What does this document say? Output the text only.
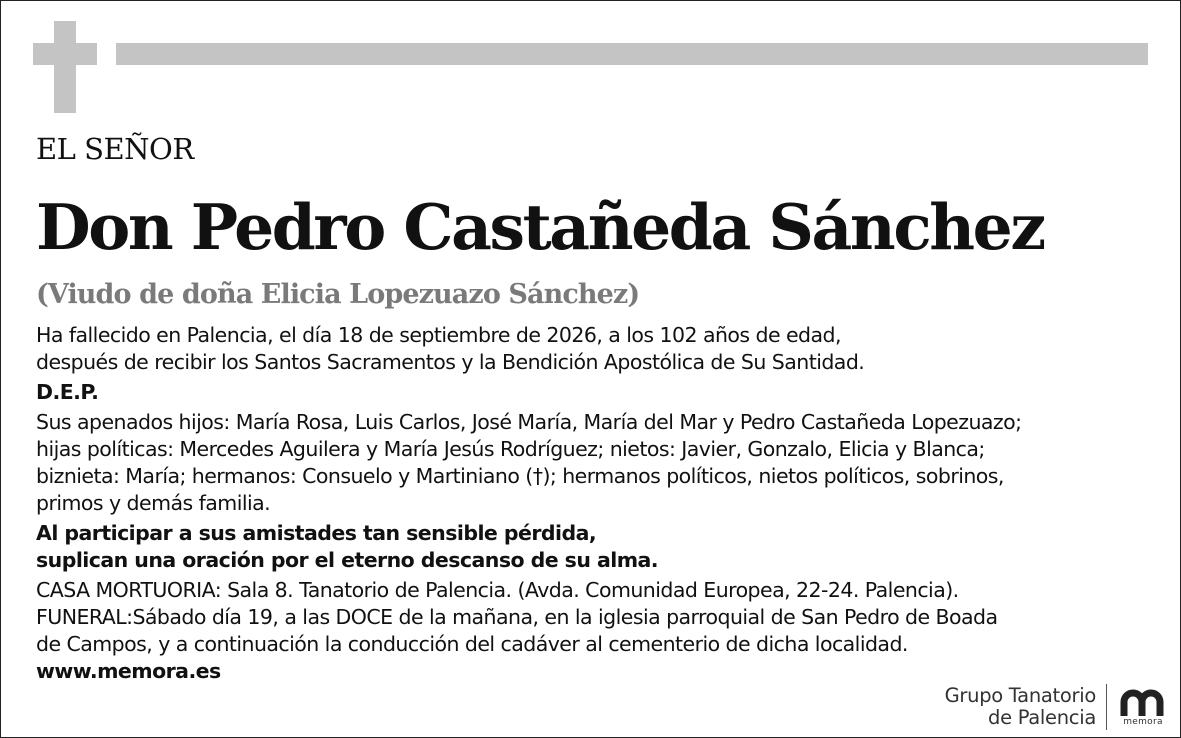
EL SEÑOR
Don Pedro Castañeda Sánchez
(Viudo de doña Elicia Lopezuazo Sánchez)

Ha fallecido en Palencia, el día 18 de septiembre de 2026, a los 102 años de edad,

después de recibir los Santos Sacramentos y la Bendición Apostólica de Su Santidad.

D.E.P.

Sus apenados hijos: María Rosa, Luis Carlos, José María, María del Mar y Pedro Castañeda Lopezuazo;

hijas políticas: Mercedes Aguilera y María Jesús Rodríguez; nietos: Javier, Gonzalo, Elicia y Blanca;

biznieta: María; hermanos: Consuelo y Martiniano (†); hermanos políticos, nietos políticos, sobrinos,

primos y demás familia.

Al participar a sus amistades tan sensible pérdida,

suplican una oración por el eterno descanso de su alma.

CASA MORTUORIA: Sala 8. Tanatorio de Palencia. (Avda. Comunidad Europea, 22-24. Palencia).

FUNERAL:Sábado día 19, a las DOCE de la mañana, en la iglesia parroquial de San Pedro de Boada

de Campos, y a continuación la conducción del cadáver al cementerio de dicha localidad.

www.memora.es

Grupo Tanatorio
de Palencia	memora
